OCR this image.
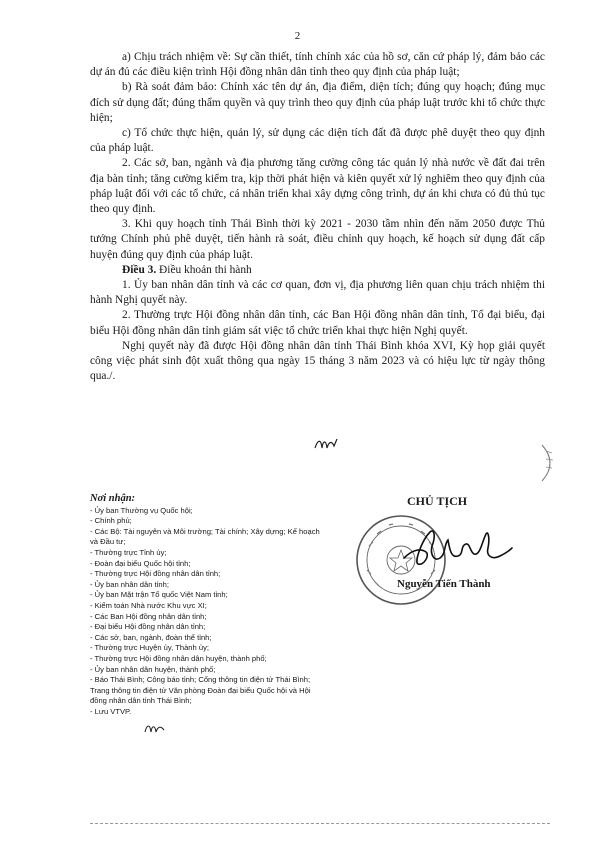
2

a) Chịu trách nhiệm về: Sự cần thiết, tính chính xác của hồ sơ, căn cứ pháp lý, đảm bảo các dự án đủ các điều kiện trình Hội đồng nhân dân tỉnh theo quy định của pháp luật;

b) Rà soát đảm bảo: Chính xác tên dự án, địa điểm, diện tích; đúng quy hoạch; đúng mục đích sử dụng đất; đúng thẩm quyền và quy trình theo quy định của pháp luật trước khi tổ chức thực hiện;

c) Tổ chức thực hiện, quản lý, sử dụng các diện tích đất đã được phê duyệt theo quy định của pháp luật.

2. Các sở, ban, ngành và địa phương tăng cường công tác quản lý nhà nước về đất đai trên địa bàn tỉnh; tăng cường kiểm tra, kịp thời phát hiện và kiên quyết xử lý nghiêm theo quy định của pháp luật đối với các tổ chức, cá nhân triển khai xây dựng công trình, dự án khi chưa có đủ thủ tục theo quy định.

3. Khi quy hoạch tỉnh Thái Bình thời kỳ 2021 - 2030 tầm nhìn đến năm 2050 được Thủ tướng Chính phủ phê duyệt, tiến hành rà soát, điều chỉnh quy hoạch, kế hoạch sử dụng đất cấp huyện đúng quy định của pháp luật.

Điều 3. Điều khoản thi hành

1. Ủy ban nhân dân tỉnh và các cơ quan, đơn vị, địa phương liên quan chịu trách nhiệm thi hành Nghị quyết này.

2. Thường trực Hội đồng nhân dân tỉnh, các Ban Hội đồng nhân dân tỉnh, Tổ đại biểu, đại biểu Hội đồng nhân dân tỉnh giám sát việc tổ chức triển khai thực hiện Nghị quyết.

Nghị quyết này đã được Hội đồng nhân dân tỉnh Thái Bình khóa XVI, Kỳ họp giải quyết công việc phát sinh đột xuất thông qua ngày 15 tháng 3 năm 2023 và có hiệu lực từ ngày thông qua./.

Nơi nhận:
- Ủy ban Thường vụ Quốc hội;
- Chính phủ;
- Các Bộ: Tài nguyên và Môi trường; Tài chính; Xây dựng; Kế hoạch và Đầu tư;
- Thường trực Tỉnh ủy;
- Đoàn đại biểu Quốc hội tỉnh;
- Thường trực Hội đồng nhân dân tỉnh;
- Ủy ban nhân dân tỉnh;
- Ủy ban Mặt trận Tổ quốc Việt Nam tỉnh;
- Kiểm toán Nhà nước Khu vực XI;
- Các Ban Hội đồng nhân dân tỉnh;
- Đại biểu Hội đồng nhân dân tỉnh;
- Các sở, ban, ngành, đoàn thể tỉnh;
- Thường trực Huyện ủy, Thành ủy;
- Thường trực Hội đồng nhân dân huyện, thành phố;
- Ủy ban nhân dân huyện, thành phố;
- Báo Thái Bình; Công báo tỉnh; Cổng thông tin điện tử Thái Bình; Trang thông tin điện tử Văn phòng Đoàn đại biểu Quốc hội và Hội đồng nhân dân tỉnh Thái Bình;
- Lưu VTVP.
CHỦ TỊCH
Nguyễn Tiến Thành
